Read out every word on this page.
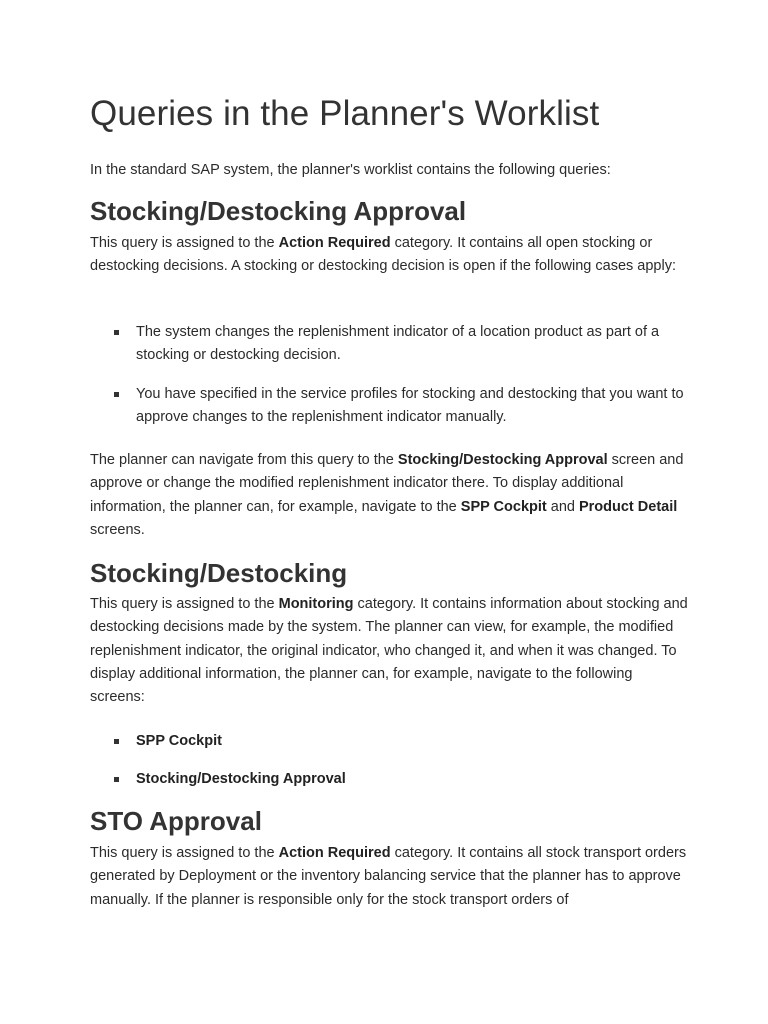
Queries in the Planner's Worklist

In the standard SAP system, the planner's worklist contains the following queries:

Stocking/Destocking Approval

This query is assigned to the Action Required category. It contains all open stocking or destocking decisions. A stocking or destocking decision is open if the following cases apply:

The system changes the replenishment indicator of a location product as part of a stocking or destocking decision.

You have specified in the service profiles for stocking and destocking that you want to approve changes to the replenishment indicator manually.

The planner can navigate from this query to the Stocking/Destocking Approval screen and approve or change the modified replenishment indicator there. To display additional information, the planner can, for example, navigate to the SPP Cockpit and Product Detail screens.

Stocking/Destocking

This query is assigned to the Monitoring category. It contains information about stocking and destocking decisions made by the system. The planner can view, for example, the modified replenishment indicator, the original indicator, who changed it, and when it was changed. To display additional information, the planner can, for example, navigate to the following screens:

SPP Cockpit

Stocking/Destocking Approval

STO Approval

This query is assigned to the Action Required category. It contains all stock transport orders generated by Deployment or the inventory balancing service that the planner has to approve manually. If the planner is responsible only for the stock transport orders of
